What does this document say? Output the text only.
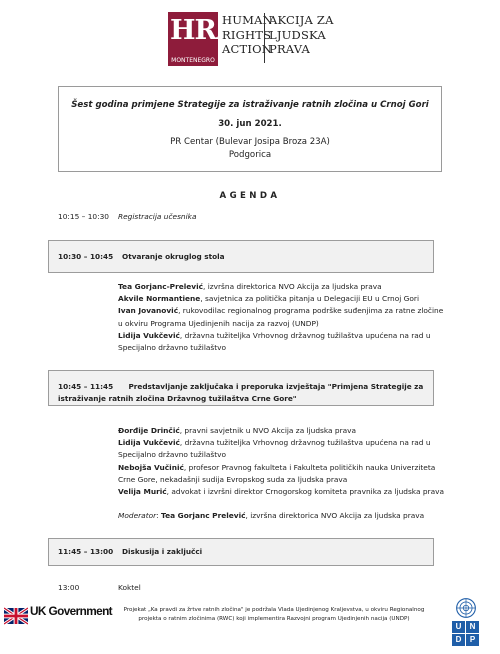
HRA
MONTENEGRO
HUMAN
RIGHTS
ACTION
AKCIJA ZA
LJUDSKA
PRAVA
Šest godina primjene Strategije za istraživanje ratnih zločina u Crnoj Gori
30. jun 2021.
PR Centar (Bulevar Josipa Broza 23A)
Podgorica
AGENDA
10:15 – 10:30 Registracija učesnika
10:30 – 10:45 Otvaranje okruglog stola
Tea Gorjanc-Prelević, izvršna direktorica NVO Akcija za ljudska prava
Akvile Normantiene, savjetnica za politička pitanja u Delegaciji EU u Crnoj Gori
Ivan Jovanović, rukovodilac regionalnog programa podrške suđenjima za ratne zločine u okviru Programa Ujedinjenih nacija za razvoj (UNDP)
Lidija Vukčević, državna tužiteljka Vrhovnog državnog tužilaštva upućena na rad u Specijalno državno tužilaštvo
10:45 – 11:45 Predstavljanje zaključaka i preporuka izvještaja "Primjena Strategije za istraživanje ratnih zločina Državnog tužilaštva Crne Gore"
Đorđije Drinčić, pravni savjetnik u NVO Akcija za ljudska prava
Lidija Vukčević, državna tužiteljka Vrhovnog državnog tužilaštva upućena na rad u Specijalno državno tužilaštvo
Nebojša Vučinić, profesor Pravnog fakulteta i Fakulteta političkih nauka Univerziteta Crne Gore, nekadašnji sudija Evropskog suda za ljudska prava
Velija Murić, advokat i izvršni direktor Crnogorskog komiteta pravnika za ljudska prava
Moderator: Tea Gorjanc Prelević, izvršna direktorica NVO Akcija za ljudska prava
11:45 – 13:00 Diskusija i zaključci
13:00	Koktel
UK Government	Projekat „Ka pravdi za žrtve ratnih zločina" je podržala Vlada Ujedinjenog Kraljevstva, u okviru Regionalnog
projekta o ratnim zločinima (RWC) koji implementira Razvojni program Ujedinjenih nacija (UNDP)
U	N
D	P
